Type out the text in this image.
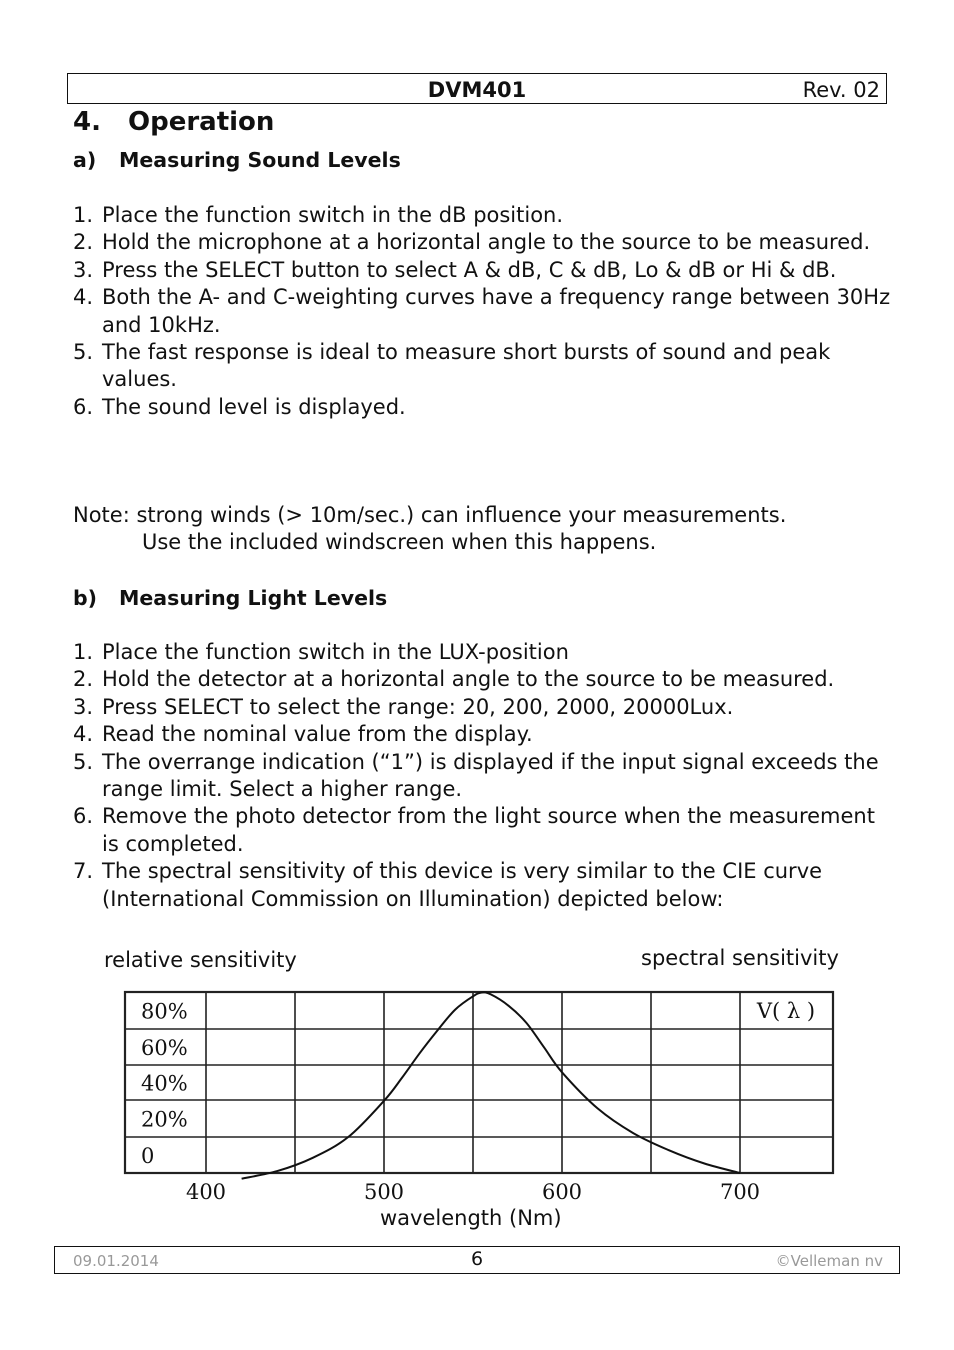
DVM401	Rev. 02
4. Operation
a) Measuring Sound Levels
1. Place the function switch in the dB position.
2. Hold the microphone at a horizontal angle to the source to be measured.
3. Press the SELECT button to select A & dB, C & dB, Lo & dB or Hi & dB.
4. Both the A- and C-weighting curves have a frequency range between 30Hz and 10kHz.
5. The fast response is ideal to measure short bursts of sound and peak values.
6. The sound level is displayed.
Note: strong winds (> 10m/sec.) can influence your measurements.
Use the included windscreen when this happens.
b) Measuring Light Levels
1. Place the function switch in the LUX-position
2. Hold the detector at a horizontal angle to the source to be measured.
3. Press SELECT to select the range: 20, 200, 2000, 20000Lux.
4. Read the nominal value from the display.
5. The overrange indication (“1”) is displayed if the input signal exceeds the range limit. Select a higher range.
6. Remove the photo detector from the light source when the measurement is completed.
7. The spectral sensitivity of this device is very similar to the CIE curve (International Commission on Illumination) depicted below:
relative sensitivity	spectral sensitivity
wavelength (Nm)
80%
60%
40%
20%
0
400	500	600	700
V( λ )
09.01.2014	6	©Velleman nv
